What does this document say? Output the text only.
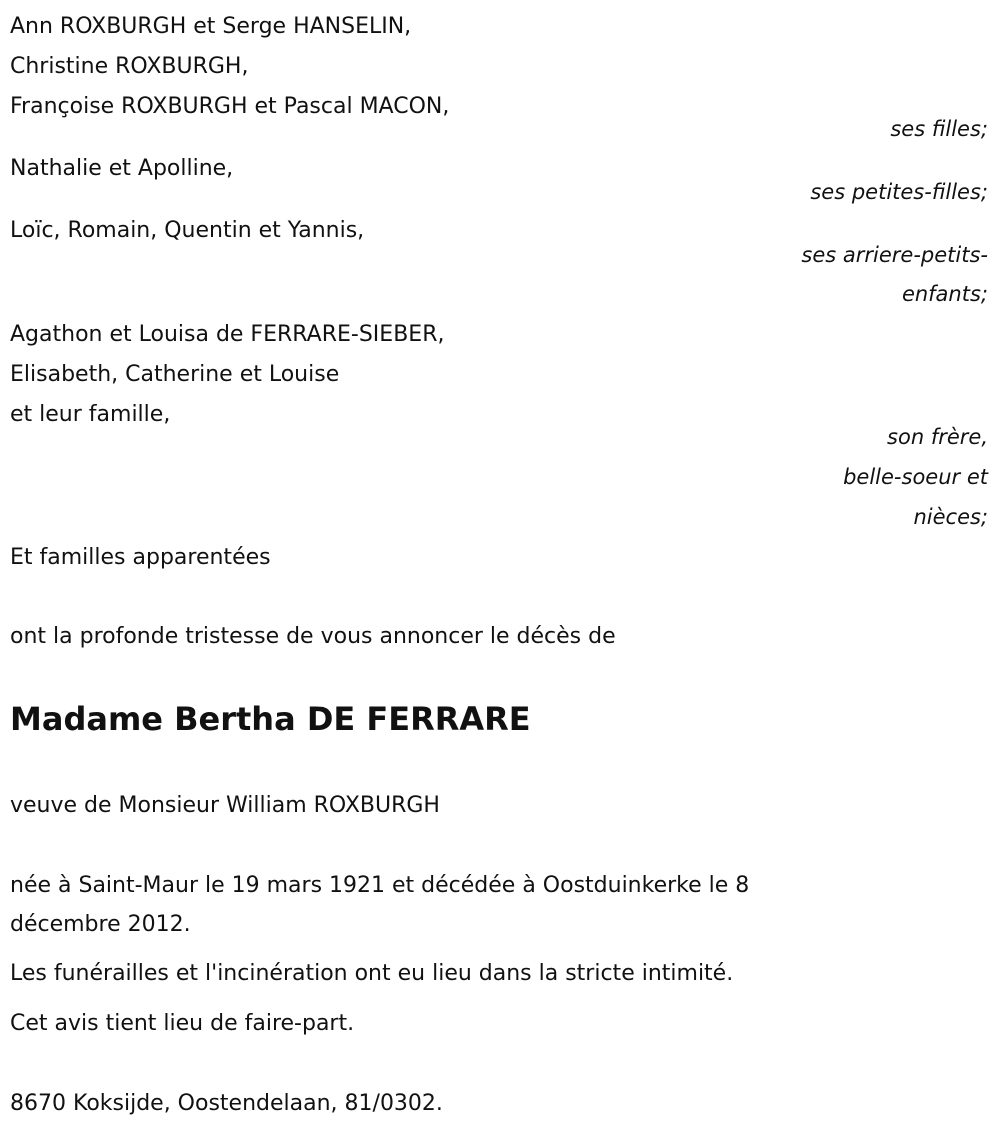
Ann ROXBURGH et Serge HANSELIN,
Christine ROXBURGH,
Françoise ROXBURGH et Pascal MACON,
ses filles;
Nathalie et Apolline,
ses petites-filles;
Loïc, Romain, Quentin et Yannis,
ses arriere-petits-
enfants;
Agathon et Louisa de FERRARE-SIEBER,
Elisabeth, Catherine et Louise
et leur famille,
son frère,
belle-soeur et
nièces;
Et familles apparentées
ont la profonde tristesse de vous annoncer le décès de
Madame Bertha DE FERRARE
veuve de Monsieur William ROXBURGH
née à Saint-Maur le 19 mars 1921 et décédée à Oostduinkerke le 8
décembre 2012.
Les funérailles et l'incinération ont eu lieu dans la stricte intimité.
Cet avis tient lieu de faire-part.
8670 Koksijde, Oostendelaan, 81/0302.
